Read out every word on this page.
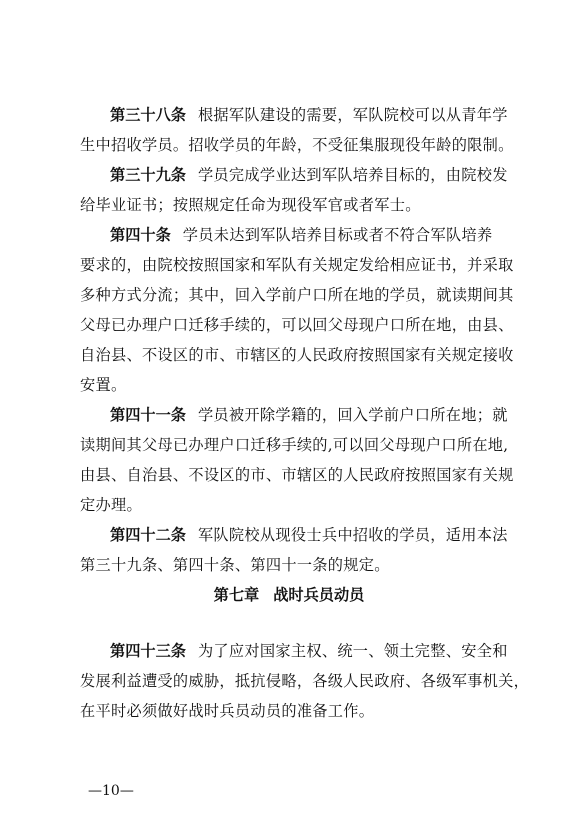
第三十八条 根据军队建设的需要，军队院校可以从青年学
生中招收学员。招收学员的年龄，不受征集服现役年龄的限制。
第三十九条 学员完成学业达到军队培养目标的，由院校发
给毕业证书；按照规定任命为现役军官或者军士。
第四十条 学员未达到军队培养目标或者不符合军队培养
要求的，由院校按照国家和军队有关规定发给相应证书，并采取
多种方式分流；其中，回入学前户口所在地的学员，就读期间其
父母已办理户口迁移手续的，可以回父母现户口所在地，由县、
自治县、不设区的市、市辖区的人民政府按照国家有关规定接收
安置。
第四十一条 学员被开除学籍的，回入学前户口所在地；就
读期间其父母已办理户口迁移手续的,可以回父母现户口所在地,
由县、自治县、不设区的市、市辖区的人民政府按照国家有关规
定办理。
第四十二条 军队院校从现役士兵中招收的学员，适用本法
第三十九条、第四十条、第四十一条的规定。
第七章 战时兵员动员
第四十三条 为了应对国家主权、统一、领土完整、安全和
发展利益遭受的威胁，抵抗侵略，各级人民政府、各级军事机关，
在平时必须做好战时兵员动员的准备工作。
—10—
